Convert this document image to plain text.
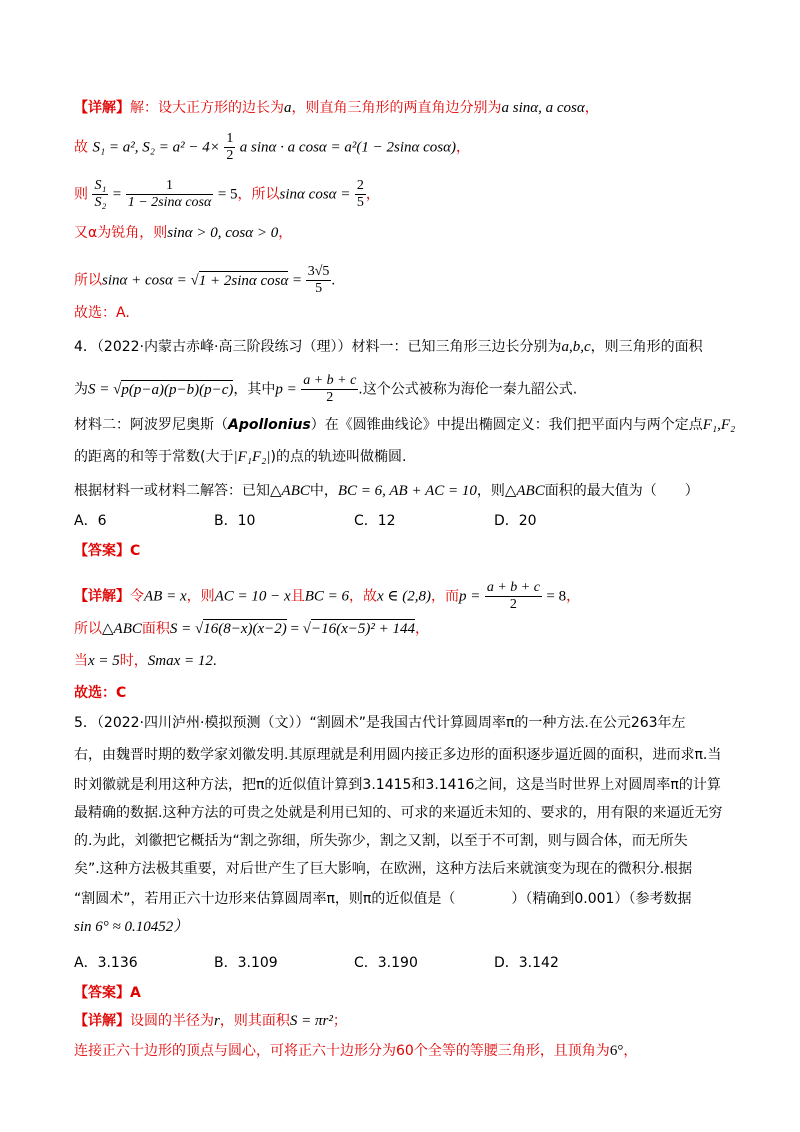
【详解】解：设大正方形的边长为a，则直角三角形的两直角边分别为a sinα, a cosα，
故 S₁ = a², $S_2 = a^2 - 4\times \frac{1}{2}$ a sinα · a cosα = a²(1 − 2sinα cosα)，
则 $\frac{\text{S₁}}{\text{S₂}} = \frac{1}{\text{1 − 2sinα cosα}} = 5$，所以sinα $\cos\alpha = \frac{2}{5}$ ，
又α为锐角，则sinα > 0, cosα > 0，
所以sinα + cosα = √1 + 2sinα $\cos\alpha = \frac{3√5}{5}$ .
故选：A.
4．（2022·内蒙古赤峰·高三阶段练习（理））材料一：已知三角形三边长分别为a,b,c，则三角形的面积
为S = √p(p−a)(p−b)(p−c)，其中$p = \frac{a + b + c}{2}$ .这个公式被称为海伦一秦九韶公式.
材料二：阿波罗尼奥斯（Apollonius）在《圆锥曲线论》中提出椭圆定义：我们把平面内与两个定点F₁,F₂
的距离的和等于常数(大于|F₁F₂|)的点的轨迹叫做椭圆.
根据材料一或材料二解答：已知△ABC中，BC = 6, AB + AC = 10，则△ABC面积的最大值为（　　）
A．6	B．10	C．12	D．20
【答案】C
【详解】令AB = x，则AC = 10 − x且BC = 6，故x ∈ (2,8)，而$p = \frac{a + b + c}{2} = 8$，
所以△ABC面积S = √16(8−x)(x−2) = √−16(x−5)² + 144，
当x = 5时，Smax = 12.
故选：C
5．（2022·四川泸州·模拟预测（文））“割圆术”是我国古代计算圆周率π的一种方法.在公元263年左
右，由魏晋时期的数学家刘徽发明.其原理就是利用圆内接正多边形的面积逐步逼近圆的面积，进而求π.当
时刘徽就是利用这种方法，把π的近似值计算到3.1415和3.1416之间，这是当时世界上对圆周率π的计算
最精确的数据.这种方法的可贵之处就是利用已知的、可求的来逼近未知的、要求的，用有限的来逼近无穷
的.为此，刘徽把它概括为“割之弥细，所失弥少，割之又割，以至于不可割，则与圆合体，而无所失
矣”.这种方法极其重要，对后世产生了巨大影响，在欧洲，这种方法后来就演变为现在的微积分.根据
“割圆术”，若用正六十边形来估算圆周率π，则π的近似值是（　　　　）（精确到0.001）（参考数据
sin 6° ≈ 0.10452）
A．3.136	B．3.109	C．3.190	D．3.142
【答案】A
【详解】设圆的半径为r，则其面积S = πr²；
连接正六十边形的顶点与圆心，可将正六十边形分为60个全等的等腰三角形，且顶角为6°，
